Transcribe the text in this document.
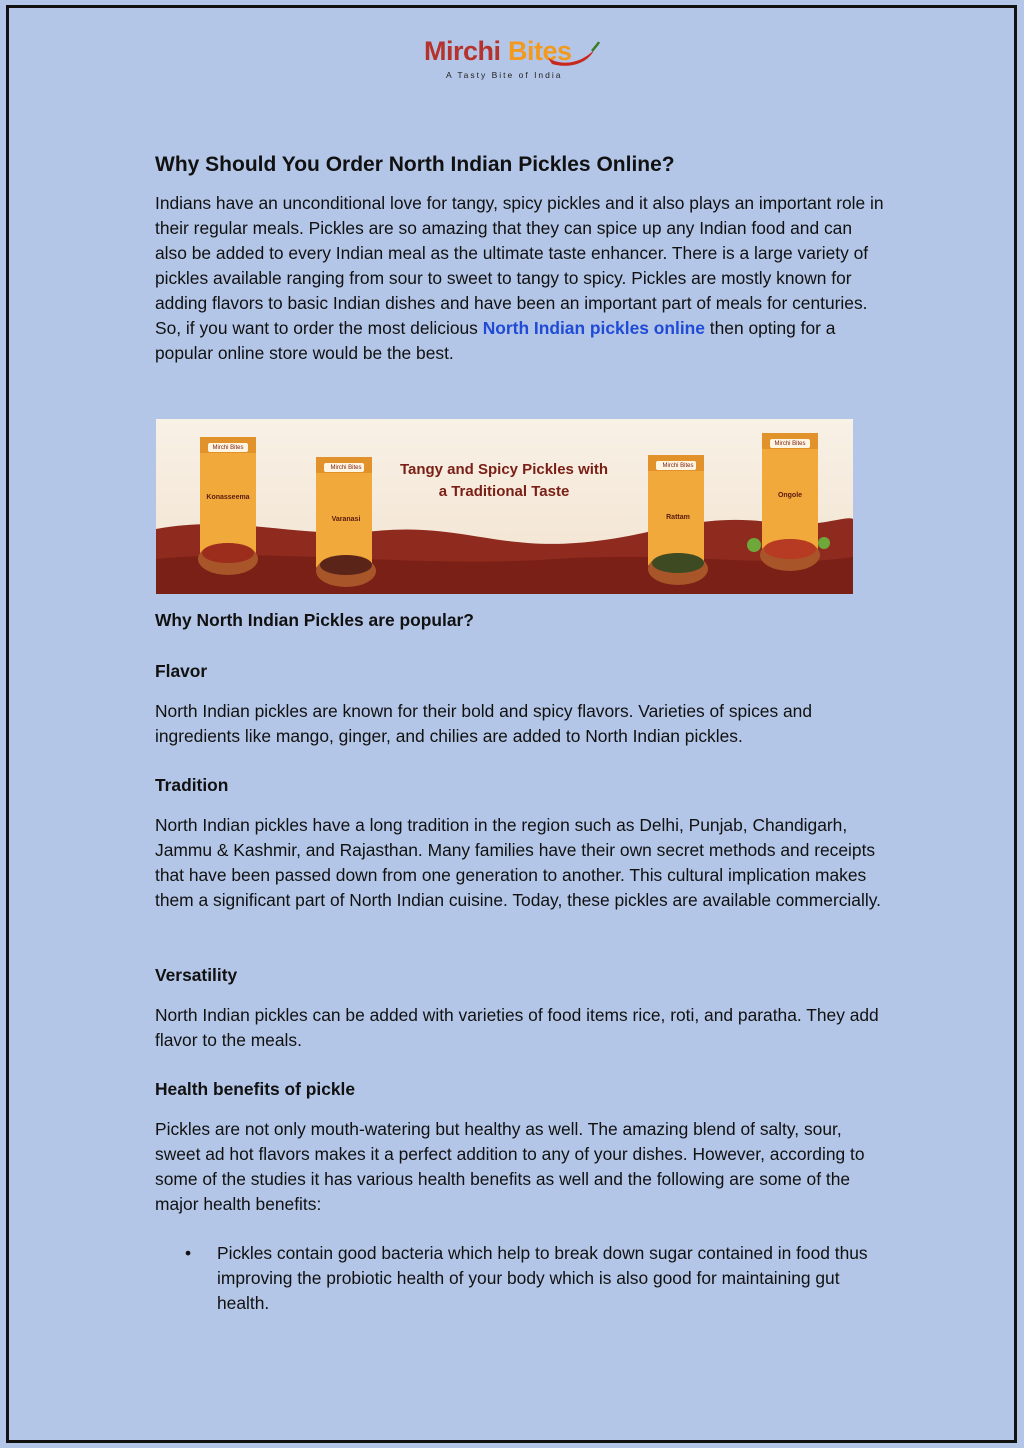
Mirchi Bites
A Tasty Bite of India
Why Should You Order North Indian Pickles Online?

Indians have an unconditional love for tangy, spicy pickles and it also plays an important role in their regular meals. Pickles are so amazing that they can spice up any Indian food and can also be added to every Indian meal as the ultimate taste enhancer. There is a large variety of pickles available ranging from sour to sweet to tangy to spicy. Pickles are mostly known for adding flavors to basic Indian dishes and have been an important part of meals for centuries. So, if you want to order the most delicious North Indian pickles online then opting for a popular online store would be the best.

Mirchi Bites
Mirchi Bites	Mirchi Bites
Mirchi Bites
Konasseema
Varanasi	Rattam
Ongole
Tangy and Spicy Pickles with
a Traditional Taste
Why North Indian Pickles are popular?
Flavor
North Indian pickles are known for their bold and spicy flavors. Varieties of spices and ingredients like mango, ginger, and chilies are added to North Indian pickles.
Tradition
North Indian pickles have a long tradition in the region such as Delhi, Punjab, Chandigarh, Jammu & Kashmir, and Rajasthan. Many families have their own secret methods and receipts that have been passed down from one generation to another. This cultural implication makes them a significant part of North Indian cuisine. Today, these pickles are available commercially.
Versatility
North Indian pickles can be added with varieties of food items rice, roti, and paratha. They add flavor to the meals.
Health benefits of pickle
Pickles are not only mouth-watering but healthy as well. The amazing blend of salty, sour, sweet ad hot flavors makes it a perfect addition to any of your dishes. However, according to some of the studies it has various health benefits as well and the following are some of the major health benefits:
• Pickles contain good bacteria which help to break down sugar contained in food thus improving the probiotic health of your body which is also good for maintaining gut health.
